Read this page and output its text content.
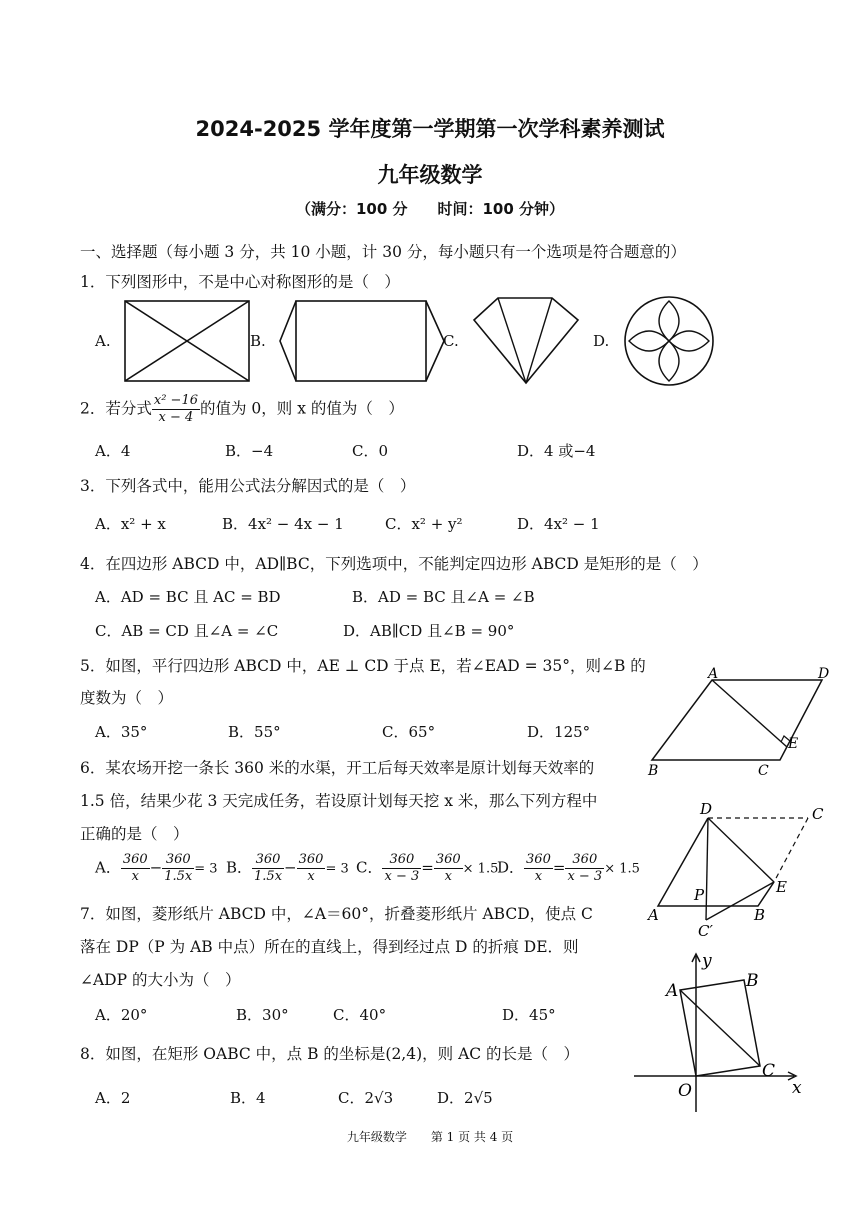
2024-2025 学年度第一学期第一次学科素养测试
九年级数学
（满分：100 分　　时间：100 分钟）
一、选择题（每小题 3 分，共 10 小题，计 30 分，每小题只有一个选项是符合题意的）
1．下列图形中，不是中心对称图形的是（　）
A.	B.	C.	D.
2．若分式 $\frac{\text{x² −16}}{x - 4}$ 的值为 0，则 x 的值为（　）
A．4	B．−4	C．0	D．4 或−4
3．下列各式中，能用公式法分解因式的是（　）
A．x² + x	B．4x² − 4x − 1	C．x² + y²	D．4x² − 1
4．在四边形 ABCD 中，AD∥BC，下列选项中，不能判定四边形 ABCD 是矩形的是（　）
A．AD = BC 且 AC = BD	B．AD = BC 且∠A = ∠B
C．AB = CD 且∠A = ∠C	D．AB∥CD 且∠B = 90°
5．如图，平行四边形 ABCD 中，AE ⊥ CD 于点 E，若∠EAD = 35°，则∠B 的
度数为（　）
A．35°	B．55°	C．65°	D．125°
A	D
E
C
B
6．某农场开挖一条长 360 米的水渠，开工后每天效率是原计划每天效率的
1.5 倍，结果少花 3 天完成任务，若设原计划每天挖 x 米，那么下列方程中
正确的是（　）
A． $\frac{360}{x} - \frac{360}{1.5x} = 3$ B． $\frac{360}{1.5x} - \frac{360}{x} = 3$ C． $\frac{360}{x - 3} = \frac{360}{x} \times 1.5$
D． $\frac{360}{x} = \frac{360}{x - 3} \times 1.5$
D	C
E
P
A	B
C′
7．如图，菱形纸片 ABCD 中，∠A＝60°，折叠菱形纸片 ABCD，使点 C
落在 DP（P 为 AB 中点）所在的直线上，得到经过点 D 的折痕 DE．则
∠ADP 的大小为（　）
A．20°	B．30°	C．40°	D．45°
y
A	B
C
O	x
8．如图，在矩形 OABC 中，点 B 的坐标是(2,4)，则 AC 的长是（　）
A．2	B．4	C．2√3	D．2√5
九年级数学　　第 1 页 共 4 页
